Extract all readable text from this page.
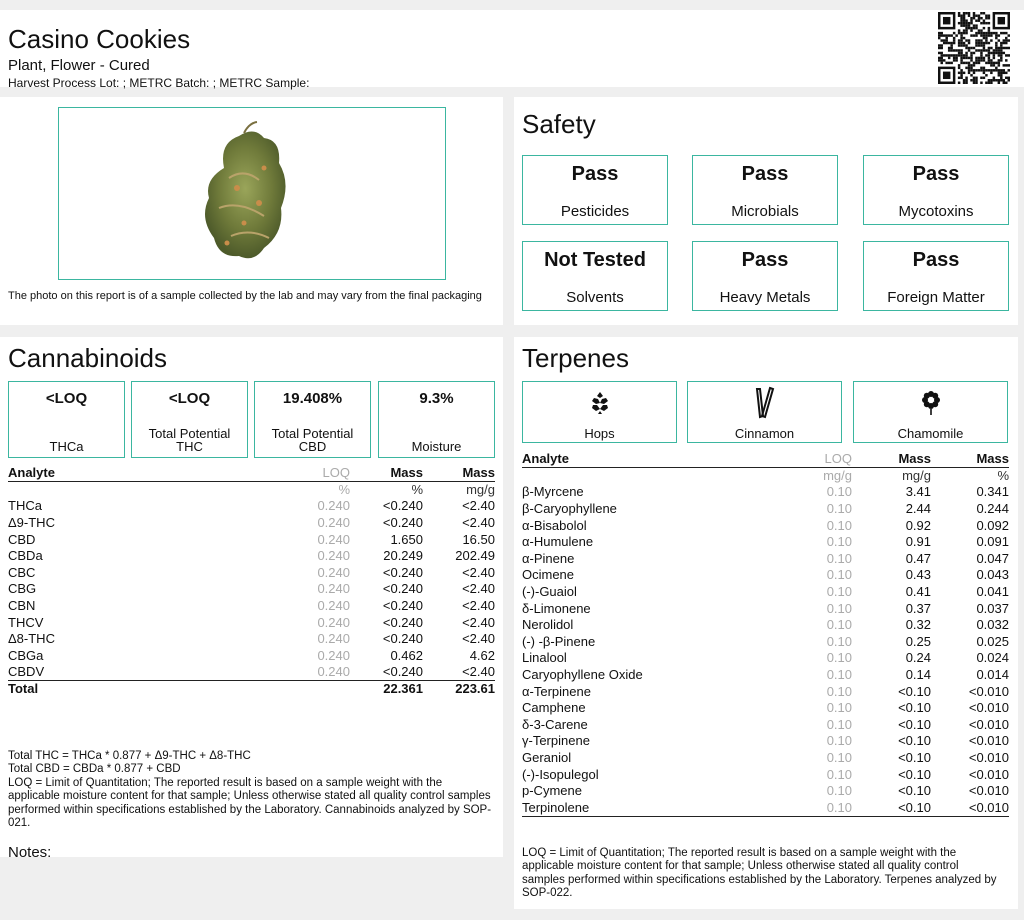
Casino Cookies
Plant, Flower - Cured
Harvest Process Lot: ; METRC Batch: ; METRC Sample:
The photo on this report is of a sample collected by the lab and may vary from the final packaging
Safety
Pass
Pesticides
Pass
Microbials
Pass
Mycotoxins
Not Tested
Solvents
Pass
Heavy Metals
Pass
Foreign Matter
Cannabinoids
<LOQ
THCa
<LOQ
Total Potential THC
19.408%
Total Potential CBD
9.3%
Moisture
Analyte	LOQ	Mass	Mass
	%	%	mg/g
THCa	0.240	<0.240	<2.40
Δ9-THC	0.240	<0.240	<2.40
CBD	0.240	1.650	16.50
CBDa	0.240	20.249	202.49
CBC	0.240	<0.240	<2.40
CBG	0.240	<0.240	<2.40
CBN	0.240	<0.240	<2.40
THCV	0.240	<0.240	<2.40
Δ8-THC	0.240	<0.240	<2.40
CBGa	0.240	0.462	4.62
CBDV	0.240	<0.240	<2.40
Total		22.361	223.61
Total THC = THCa * 0.877 + Δ9-THC + Δ8-THC
Total CBD = CBDa * 0.877 + CBD
LOQ = Limit of Quantitation; The reported result is based on a sample weight with the applicable moisture content for that sample; Unless otherwise stated all quality control samples performed within specifications established by the Laboratory. Cannabinoids analyzed by SOP-021.
Notes:
Terpenes
Hops	Cinnamon	Chamomile
Analyte	LOQ	Mass	Mass
	mg/g	mg/g	%
β-Myrcene	0.10	3.41	0.341
β-Caryophyllene	0.10	2.44	0.244
α-Bisabolol	0.10	0.92	0.092
α-Humulene	0.10	0.91	0.091
α-Pinene	0.10	0.47	0.047
Ocimene	0.10	0.43	0.043
(-)-Guaiol	0.10	0.41	0.041
δ-Limonene	0.10	0.37	0.037
Nerolidol	0.10	0.32	0.032
(-) -β-Pinene	0.10	0.25	0.025
Linalool	0.10	0.24	0.024
Caryophyllene Oxide	0.10	0.14	0.014
α-Terpinene	0.10	<0.10	<0.010
Camphene	0.10	<0.10	<0.010
δ-3-Carene	0.10	<0.10	<0.010
γ-Terpinene	0.10	<0.10	<0.010
Geraniol	0.10	<0.10	<0.010
(-)-Isopulegol	0.10	<0.10	<0.010
p-Cymene	0.10	<0.10	<0.010
Terpinolene	0.10	<0.10	<0.010
LOQ = Limit of Quantitation; The reported result is based on a sample weight with the applicable moisture content for that sample; Unless otherwise stated all quality control samples performed within specifications established by the Laboratory. Terpenes analyzed by SOP-022.
